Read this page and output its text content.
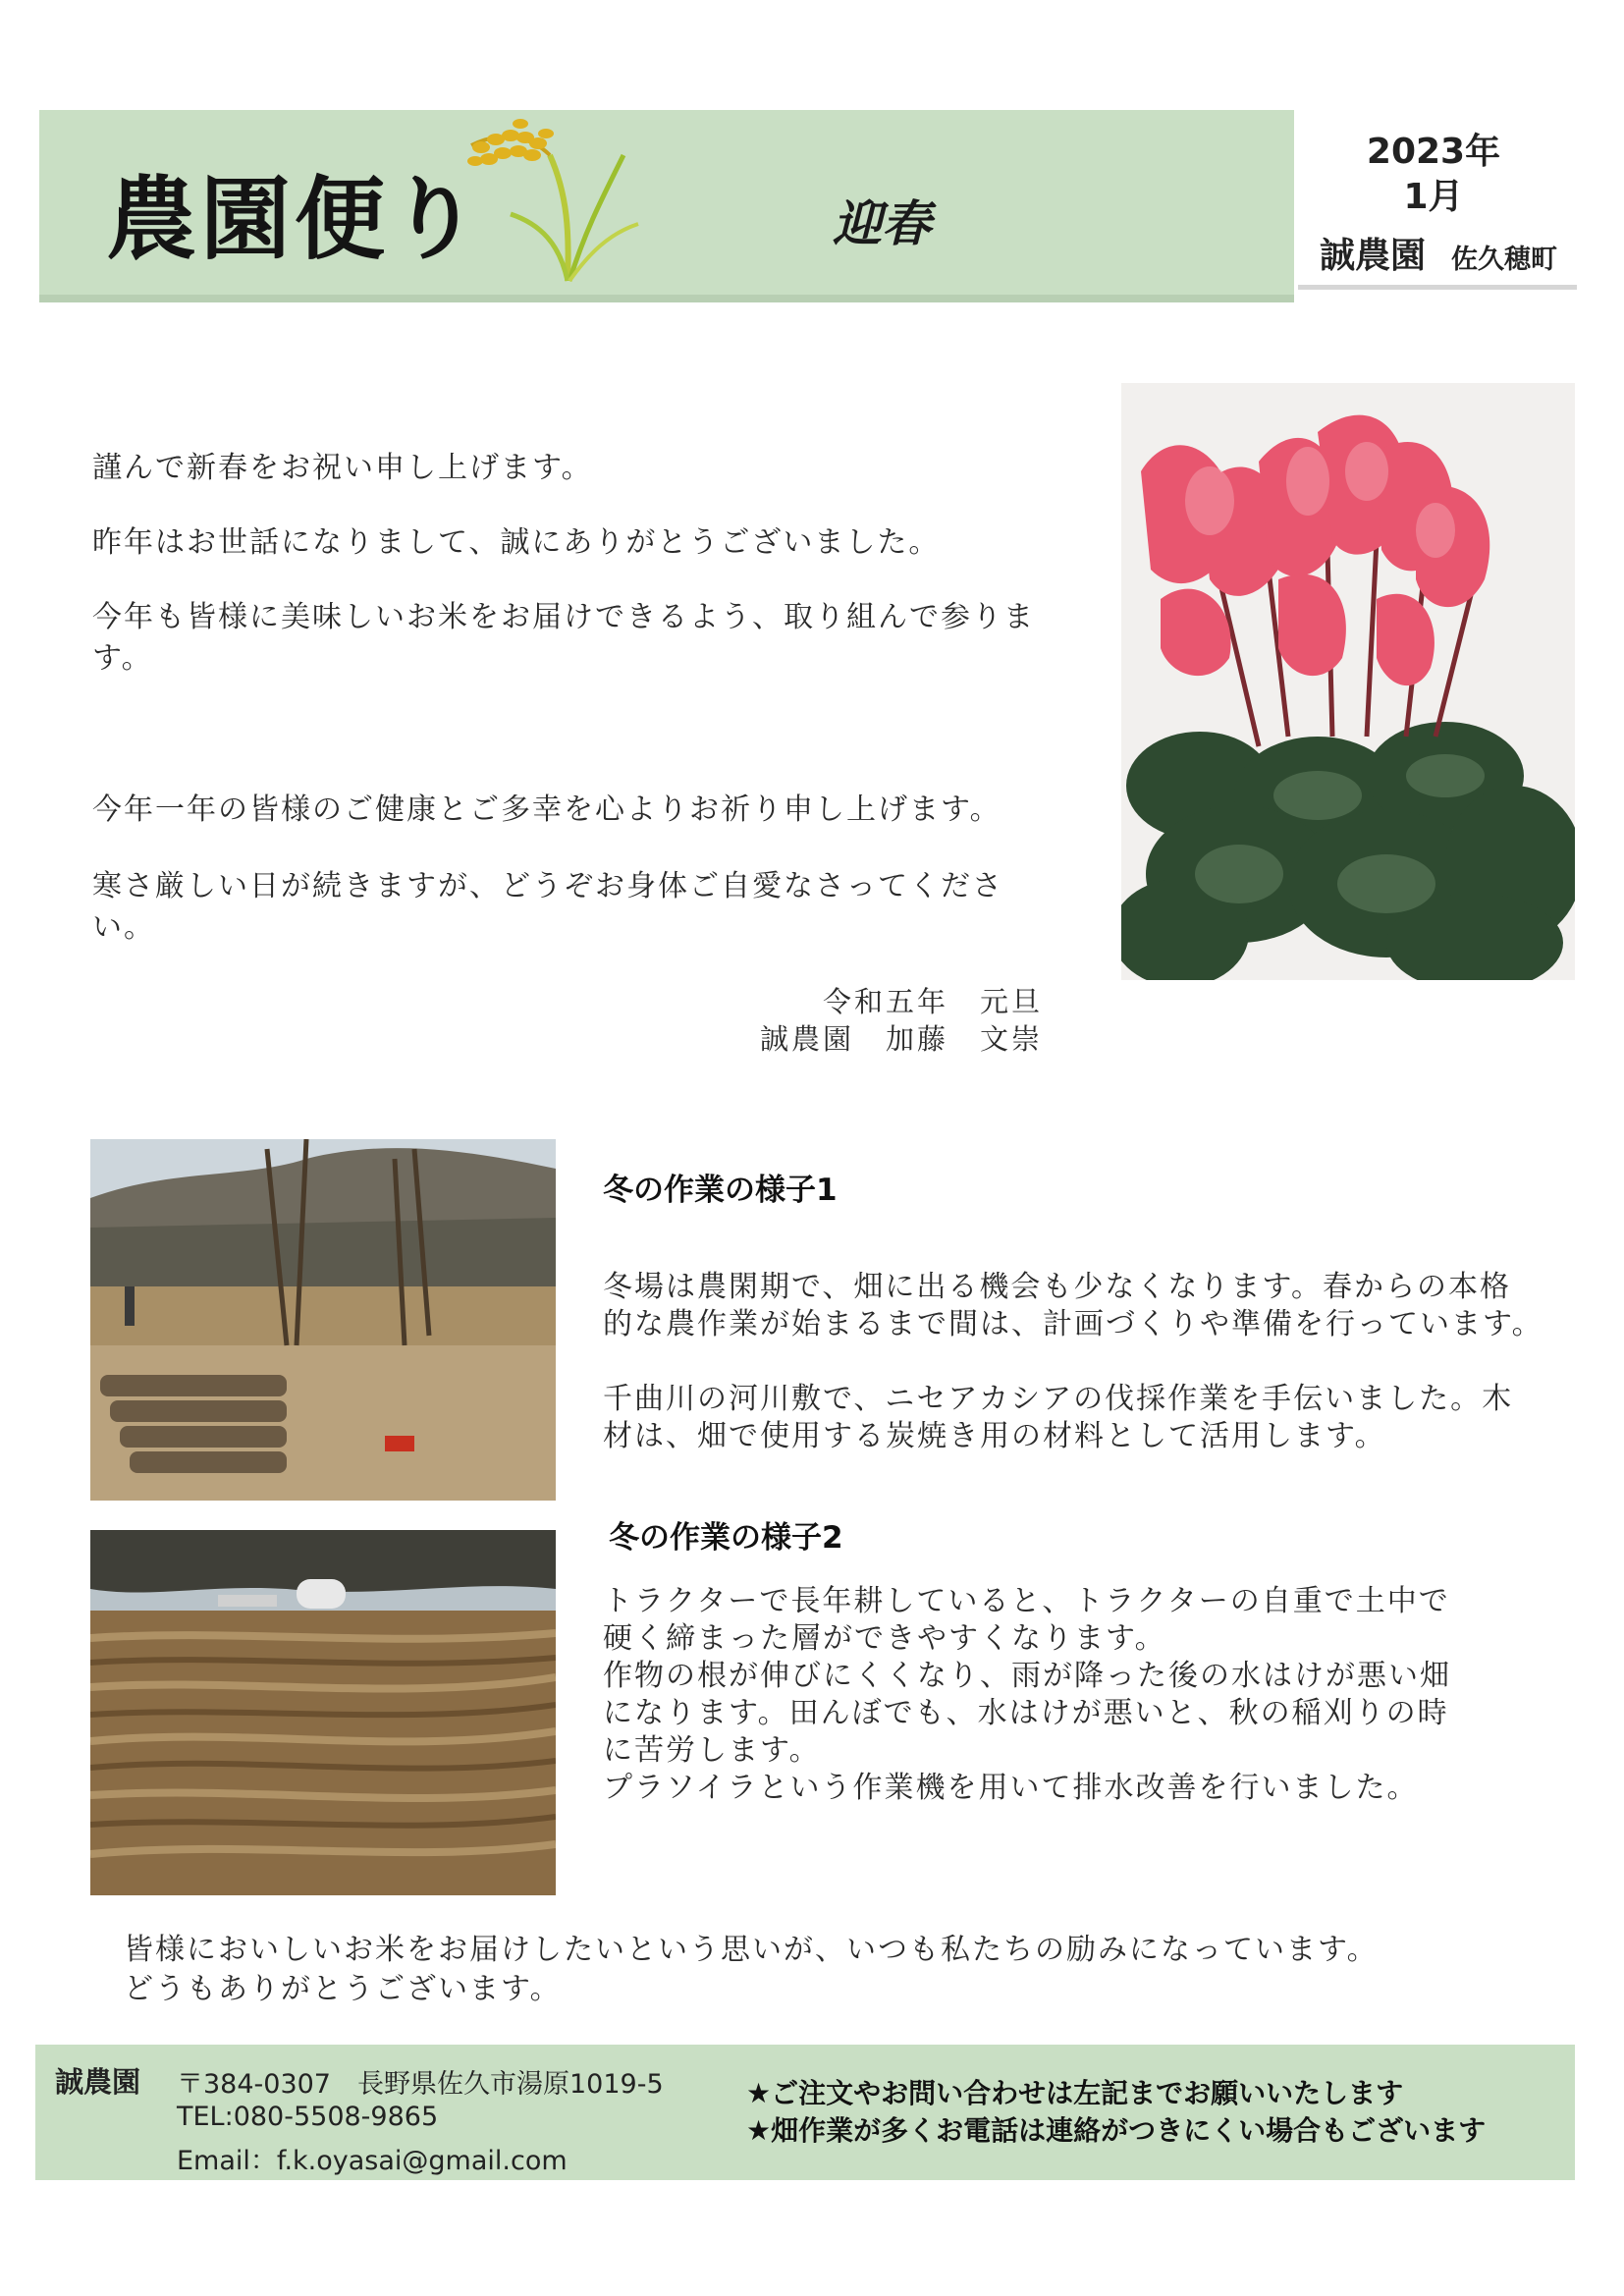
農園便り	迎春
2023年
1月
誠農園 佐久穂町
謹んで新春をお祝い申し上げます。
昨年はお世話になりまして、誠にありがとうございました。
今年も皆様に美味しいお米をお届けできるよう、取り組んで参りま
す。
今年一年の皆様のご健康とご多幸を心よりお祈り申し上げます。
寒さ厳しい日が続きますが、どうぞお身体ご自愛なさってください。
令和五年　元旦
誠農園　加藤　文崇
冬の作業の様子1
冬場は農閑期で、畑に出る機会も少なくなります。春からの本格
的な農作業が始まるまで間は、計画づくりや準備を行っています。
千曲川の河川敷で、ニセアカシアの伐採作業を手伝いました。木
材は、畑で使用する炭焼き用の材料として活用します。
冬の作業の様子2
トラクターで長年耕していると、トラクターの自重で土中で
硬く締まった層ができやすくなります。
作物の根が伸びにくくなり、雨が降った後の水はけが悪い畑
になります。田んぼでも、水はけが悪いと、秋の稲刈りの時
に苦労します。
プラソイラという作業機を用いて排水改善を行いました。
皆様においしいお米をお届けしたいという思いが、いつも私たちの励みになっています。
どうもありがとうございます。
誠農園 〒384-0307　長野県佐久市湯原1019-5
TEL:080-5508-9865
Email：f.k.oyasai@gmail.com
★ご注文やお問い合わせは左記までお願いいたします
★畑作業が多くお電話は連絡がつきにくい場合もございます
